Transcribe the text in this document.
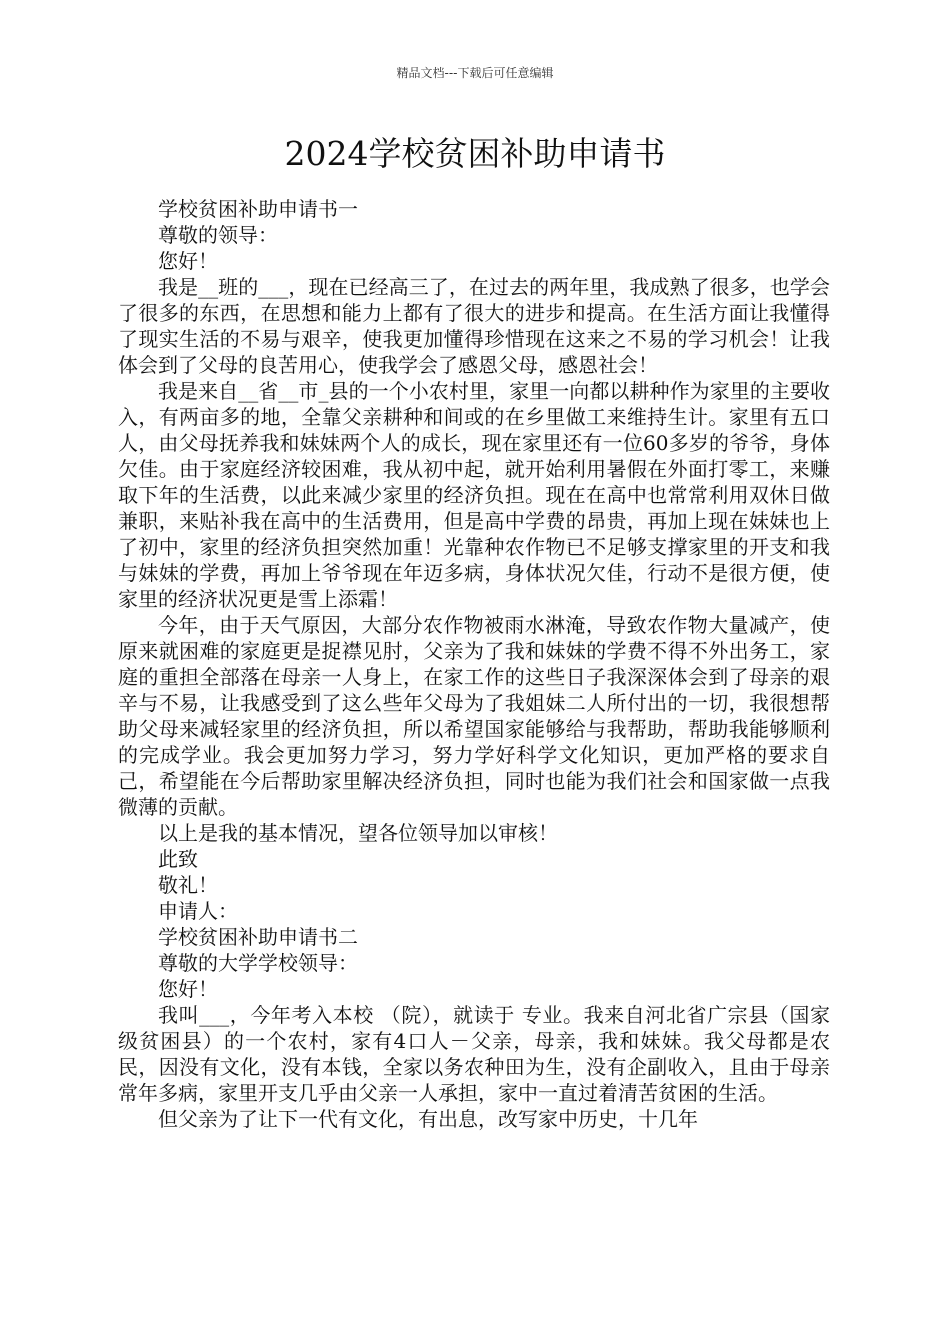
精品文档---下载后可任意编辑
2024学校贫困补助申请书

学校贫困补助申请书一

尊敬的领导：

您好！

我是__班的___，现在已经高三了，在过去的两年里，我成熟了很多，也学会了很多的东西，在思想和能力上都有了很大的进步和提高。在生活方面让我懂得了现实生活的不易与艰辛，使我更加懂得珍惜现在这来之不易的学习机会！让我体会到了父母的良苦用心，使我学会了感恩父母，感恩社会！

我是来自__省__市_县的一个小农村里，家里一向都以耕种作为家里的主要收入，有两亩多的地，全靠父亲耕种和间或的在乡里做工来维持生计。家里有五口人，由父母抚养我和妹妹两个人的成长，现在家里还有一位60多岁的爷爷，身体欠佳。由于家庭经济较困难，我从初中起，就开始利用暑假在外面打零工，来赚取下年的生活费，以此来减少家里的经济负担。现在在高中也常常利用双休日做兼职，来贴补我在高中的生活费用，但是高中学费的昂贵，再加上现在妹妹也上了初中，家里的经济负担突然加重！光靠种农作物已不足够支撑家里的开支和我与妹妹的学费，再加上爷爷现在年迈多病，身体状况欠佳，行动不是很方便，使家里的经济状况更是雪上添霜！

今年，由于天气原因，大部分农作物被雨水淋淹，导致农作物大量减产，使原来就困难的家庭更是捉襟见肘，父亲为了我和妹妹的学费不得不外出务工，家庭的重担全部落在母亲一人身上，在家工作的这些日子我深深体会到了母亲的艰辛与不易，让我感受到了这么些年父母为了我姐妹二人所付出的一切，我很想帮助父母来减轻家里的经济负担，所以希望国家能够给与我帮助，帮助我能够顺利的完成学业。我会更加努力学习，努力学好科学文化知识，更加严格的要求自己，希望能在今后帮助家里解决经济负担，同时也能为我们社会和国家做一点我微薄的贡献。

以上是我的基本情况，望各位领导加以审核！

此致

敬礼！

申请人：

学校贫困补助申请书二

尊敬的大学学校领导：

您好！

我叫___，今年考入本校 （院），就读于 专业。我来自河北省广宗县（国家级贫困县）的一个农村，家有4口人－父亲，母亲，我和妹妹。我父母都是农民，因没有文化，没有本钱，全家以务农种田为生，没有企副收入，且由于母亲常年多病，家里开支几乎由父亲一人承担，家中一直过着清苦贫困的生活。

但父亲为了让下一代有文化，有出息，改写家中历史，十几年
